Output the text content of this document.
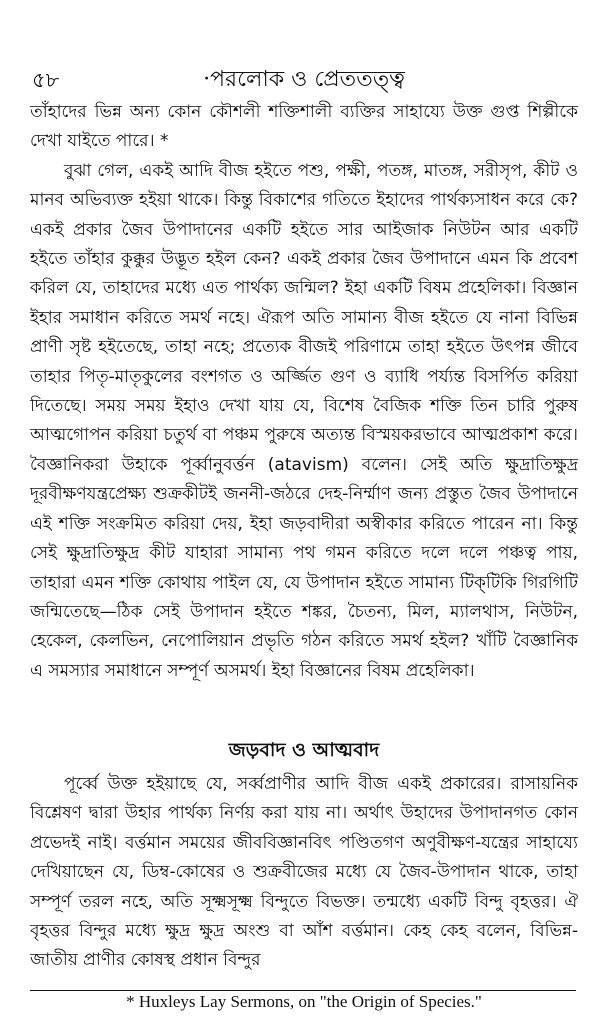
৫৮	·পরলোক ও প্রেততত্ত্ব

তাঁহাদের ভিন্ন অন্য কোন কৌশলী শক্তিশালী ব্যক্তির সাহায্যে উক্ত গুপ্ত শিল্পীকে দেখা যাইতে পারে। *

বুঝা গেল, একই আদি বীজ হইতে পশু, পক্ষী, পতঙ্গ, মাতঙ্গ, সরীসৃপ, কীট ও মানব অভিব্যক্ত হইয়া থাকে। কিন্তু বিকাশের গতিতে ইহাদের পার্থক্যসাধন করে কে? একই প্রকার জৈব উপাদানের একটি হইতে সার আইজাক নিউটন আর একটি হইতে তাঁহার কুক্কুর উদ্ভূত হইল কেন? একই প্রকার জৈব উপাদানে এমন কি প্রবেশ করিল যে, তাহাদের মধ্যে এত পার্থক্য জন্মিল? ইহা একটি বিষম প্রহেলিকা। বিজ্ঞান ইহার সমাধান করিতে সমর্থ নহে। ঐরূপ অতি সামান্য বীজ হইতে যে নানা বিভিন্ন প্রাণী সৃষ্ট হইতেছে, তাহা নহে; প্রত্যেক বীজই পরিণামে তাহা হইতে উৎপন্ন জীবে তাহার পিতৃ-মাতৃকুলের বংশগত ও অর্জ্জিত গুণ ও ব্যাধি পর্য্যন্ত বিসর্পিত করিয়া দিতেছে। সময় সময় ইহাও দেখা যায় যে, বিশেষ বৈজিক শক্তি তিন চারি পুরুষ আত্মগোপন করিয়া চতুর্থ বা পঞ্চম পুরুষে অত্যন্ত বিস্ময়করভাবে আত্মপ্রকাশ করে। বৈজ্ঞানিকরা উহাকে পূর্ব্বানুবর্ত্তন (atavism) বলেন। সেই অতি ক্ষুদ্রাতিক্ষুদ্র দূরবীক্ষণযন্ত্রপ্রেক্ষ্য শুক্রকীটই জননী-জঠরে দেহ-নির্ম্মাণ জন্য প্রস্তুত জৈব উপাদানে এই শক্তি সংক্রমিত করিয়া দেয়, ইহা জড়বাদীরা অস্বীকার করিতে পারেন না। কিন্তু সেই ক্ষুদ্রাতিক্ষুদ্র কীট যাহারা সামান্য পথ গমন করিতে দলে দলে পঞ্চত্ব পায়, তাহারা এমন শক্তি কোথায় পাইল যে, যে উপাদান হইতে সামান্য টিক্‌টিকি গিরগিটি জন্মিতেছে—ঠিক সেই উপাদান হইতে শঙ্কর, চৈতন্য, মিল, ম্যালথাস, নিউটন, হেকেল, কেলভিন, নেপোলিয়ান প্রভৃতি গঠন করিতে সমর্থ হইল? খাঁটি বৈজ্ঞানিক এ সমস্যার সমাধানে সম্পূর্ণ অসমর্থ। ইহা বিজ্ঞানের বিষম প্রহেলিকা।

জড়বাদ ও আত্মবাদ

পূর্ব্বে উক্ত হইয়াছে যে, সর্ব্বপ্রাণীর আদি বীজ একই প্রকারের। রাসায়নিক বিশ্লেষণ দ্বারা উহার পার্থক্য নির্ণয় করা যায় না। অর্থাৎ উহাদের উপাদানগত কোন প্রভেদই নাই। বর্ত্তমান সময়ের জীববিজ্ঞানবিৎ পণ্ডিতগণ অণুবীক্ষণ-যন্ত্রের সাহায্যে দেখিয়াছেন যে, ডিম্ব-কোষের ও শুক্রবীজের মধ্যে যে জৈব-উপাদান থাকে, তাহা সম্পূর্ণ তরল নহে, অতি সূক্ষ্মসূক্ষ্ম বিন্দুতে বিভক্ত। তন্মধ্যে একটি বিন্দু বৃহত্তর। ঐ বৃহত্তর বিন্দুর মধ্যে ক্ষুদ্র ক্ষুদ্র অংশু বা আঁশ বর্ত্তমান। কেহ কেহ বলেন, বিভিন্ন-জাতীয় প্রাণীর কোষস্থ প্রধান বিন্দুর

* Huxleys Lay Sermons, on "the Origin of Species."
